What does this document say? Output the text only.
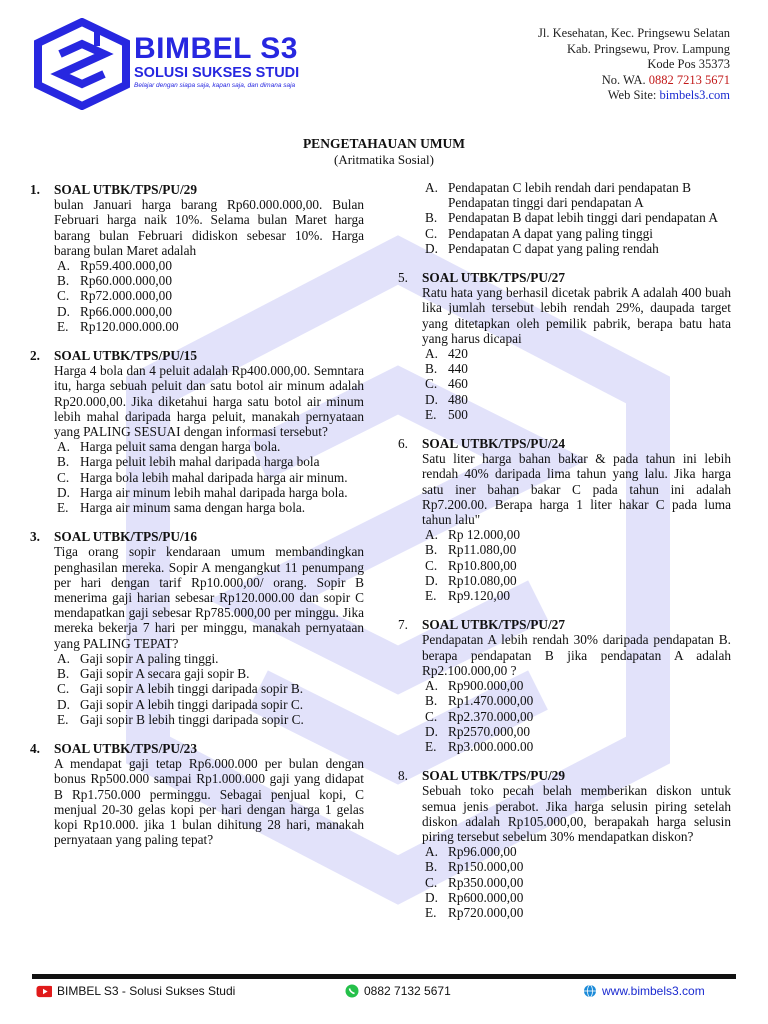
BIMBEL S3
SOLUSI SUKSES STUDI
Belajar dengan siapa saja, kapan saja, dan dimana saja
Jl. Kesehatan, Kec. Pringsewu Selatan
Kab. Pringsewu, Prov. Lampung
Kode Pos 35373
No. WA. 0882 7213 5671
Web Site: bimbels3.com
PENGETAHAUAN UMUM
(Aritmatika Sosial)
1. SOAL UTBK/TPS/PU/29
bulan Januari harga barang Rp60.000.000,00. Bulan Februari harga naik 10%. Selama bulan Maret harga barang bulan Februari didiskon sebesar 10%. Harga barang bulan Maret adalah
A. Rp59.400.000,00
B. Rp60.000.000,00
C. Rp72.000.000,00
D. Rp66.000.000,00
E. Rp120.000.000.00
2. SOAL UTBK/TPS/PU/15
Harga 4 bola dan 4 peluit adalah Rp400.000,00. Semntara itu, harga sebuah peluit dan satu botol air minum adalah Rp20.000,00. Jika diketahui harga satu botol air minum lebih mahal daripada harga peluit, manakah pernyataan yang PALING SESUAI dengan informasi tersebut?
A. Harga peluit sama dengan harga bola.
B. Harga peluit lebih mahal daripada harga bola
C. Harga bola lebih mahal daripada harga air minum.
D. Harga air minum lebih mahal daripada harga bola.
E. Harga air minum sama dengan harga bola.
3. SOAL UTBK/TPS/PU/16
Tiga orang sopir kendaraan umum membandingkan penghasilan mereka. Sopir A mengangkut 11 penumpang per hari dengan tarif Rp10.000,00/ orang. Sopir B menerima gaji harian sebesar Rp120.000.00 dan sopir C mendapatkan gaji sebesar Rp785.000,00 per minggu. Jika mereka bekerja 7 hari per minggu, manakah pernyataan yang PALING TEPAT?
A. Gaji sopir A paling tinggi.
B. Gaji sopir A secara gaji sopir B.
C. Gaji sopir A lebih tinggi daripada sopir B.
D. Gaji sopir A lebih tinggi daripada sopir C.
E. Gaji sopir B lebih tinggi daripada sopir C.
4. SOAL UTBK/TPS/PU/23
A mendapat gaji tetap Rp6.000.000 per bulan dengan bonus Rp500.000 sampai Rp1.000.000 gaji yang didapat B Rp1.750.000 perminggu. Sebagai penjual kopi, C menjual 20-30 gelas kopi per hari dengan harga 1 gelas kopi Rp10.000. jika 1 bulan dihitung 28 hari, manakah pernyataan yang paling tepat?
A. Pendapatan C lebih rendah dari pendapatan B Pendapatan tinggi dari pendapatan A
B. Pendapatan B dapat lebih tinggi dari pendapatan A
C. Pendapatan A dapat yang paling tinggi
D. Pendapatan C dapat yang paling rendah
5. SOAL UTBK/TPS/PU/27
Ratu hata yang berhasil dicetak pabrik A adalah 400 buah lika jumlah tersebut lebih rendah 29%, daupada target yang ditetapkan oleh pemilik pabrik, berapa batu hata yang harus dicapai
A. 420
B. 440
C. 460
D. 480
E. 500
6. SOAL UTBK/TPS/PU/24
Satu liter harga bahan bakar & pada tahun ini lebih rendah 40% daripada lima tahun yang lalu. Jika harga satu iner bahan bakar C pada tahun ini adalah Rp7.200.00. Berapa harga 1 liter hakar C pada luma tahun lalu"
A. Rp 12.000,00
B. Rp11.080,00
C. Rp10.800,00
D. Rp10.080,00
E. Rp9.120,00
7. SOAL UTBK/TPS/PU/27
Pendapatan A lebih rendah 30% daripada pendapatan B. berapa pendapatan B jika pendapatan A adalah Rp2.100.000,00 ?
A. Rp900.000,00
B. Rp1.470.000,00
C. Rp2.370.000,00
D. Rp2570.000,00
E. Rp3.000.000.00
8. SOAL UTBK/TPS/PU/29
Sebuah toko pecah belah memberikan diskon untuk semua jenis perabot. Jika harga selusin piring setelah diskon adalah Rp105.000,00, berapakah harga selusin piring tersebut sebelum 30% mendapatkan diskon?
A. Rp96.000,00
B. Rp150.000,00
C. Rp350.000,00
D. Rp600.000,00
E. Rp720.000,00
BIMBEL S3 - Solusi Sukses Studi	0882 7132 5671	www.bimbels3.com
